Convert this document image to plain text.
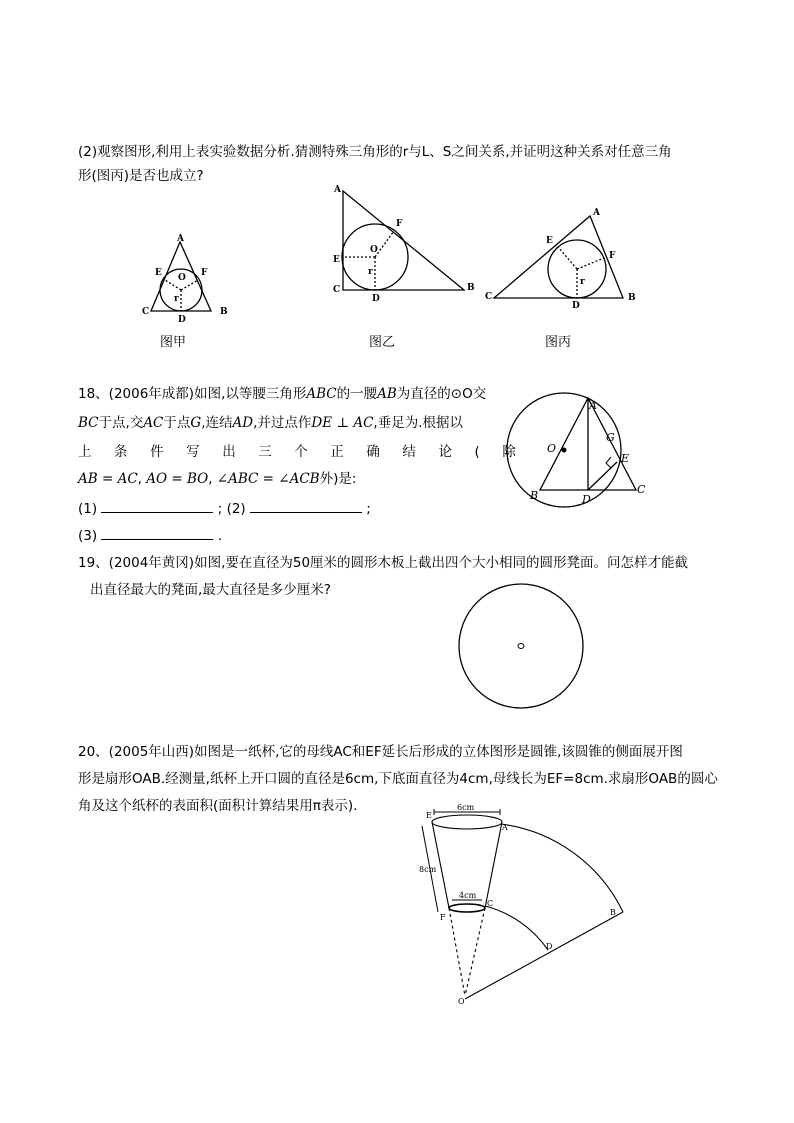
(2)观察图形,利用上表实验数据分析.猜测特殊三角形的r与L、S之间关系,并证明这种关系对任意三角
形(图丙)是否也成立?
A
E	F
O
r
C
D
B
A
F
O
E
r
C
D
B
A
E
F
C
r
D
B
A
G
O
E
B	D
C
6cm
E
A
8cm
4cm
F
C
B
D
O
图甲	图乙	图丙
18、(2006年成都)如图,以等腰三角形ABC的一腰AB为直径的⊙O交
BC于点,交AC于点G,连结AD,并过点作DE ⊥ AC,垂足为.根据以
上 条 件 写 出 三 个 正 确 结 论 ( 除
AB = AC, AO = BO, ∠ABC = ∠ACB外)是:
(1)	; (2)	;
(3)	.
19、(2004年黄冈)如图,要在直径为50厘米的圆形木板上截出四个大小相同的圆形凳面。问怎样才能截
出直径最大的凳面,最大直径是多少厘米?
20、(2005年山西)如图是一纸杯,它的母线AC和EF延长后形成的立体图形是圆锥,该圆锥的侧面展开图
形是扇形OAB.经测量,纸杯上开口圆的直径是6cm,下底面直径为4cm,母线长为EF=8cm.求扇形OAB的圆心
角及这个纸杯的表面积(面积计算结果用π表示).
